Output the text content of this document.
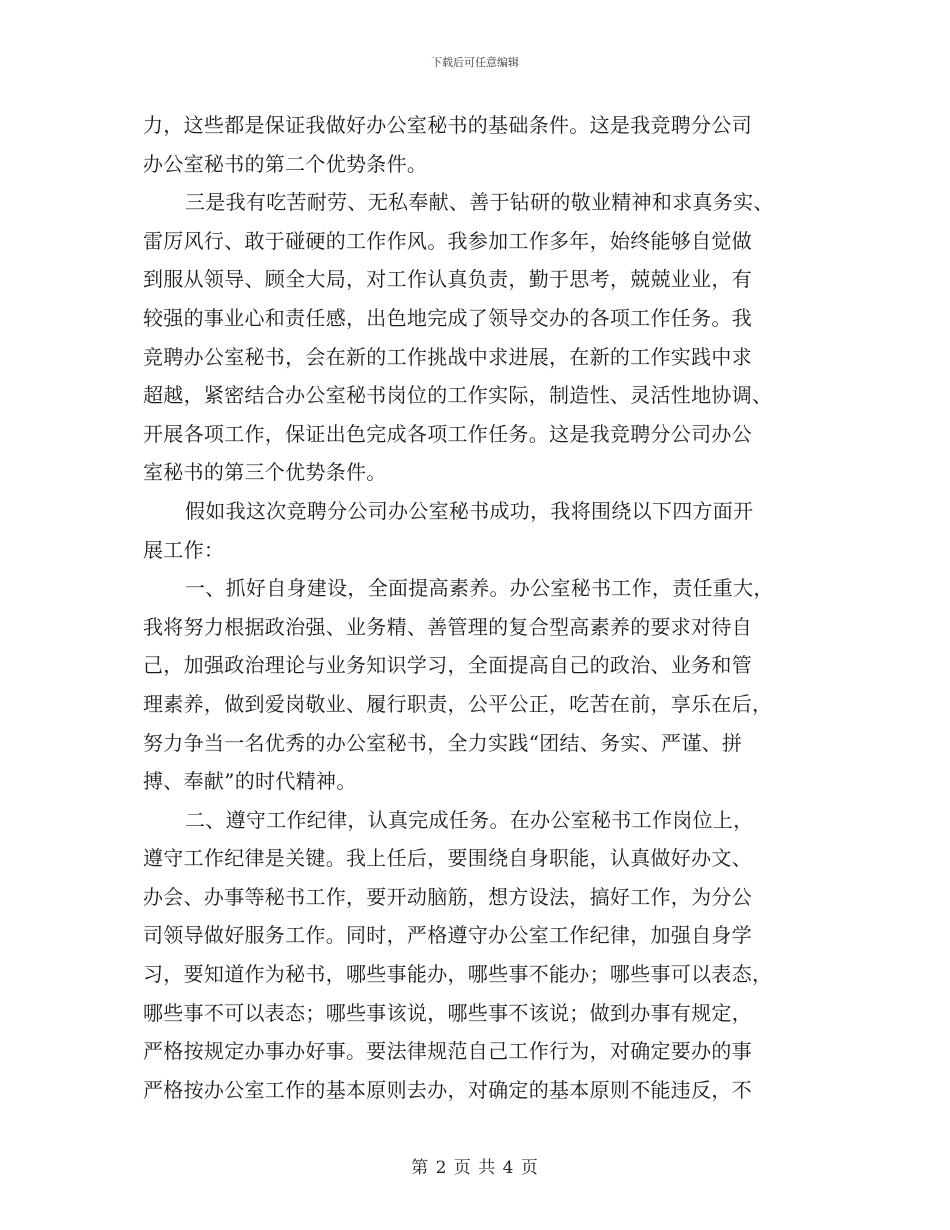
下载后可任意编辑
力，这些都是保证我做好办公室秘书的基础条件。这是我竞聘分公司
办公室秘书的第二个优势条件。
三是我有吃苦耐劳、无私奉献、善于钻研的敬业精神和求真务实、
雷厉风行、敢于碰硬的工作作风。我参加工作多年，始终能够自觉做
到服从领导、顾全大局，对工作认真负责，勤于思考，兢兢业业，有
较强的事业心和责任感，出色地完成了领导交办的各项工作任务。我
竞聘办公室秘书，会在新的工作挑战中求进展，在新的工作实践中求
超越，紧密结合办公室秘书岗位的工作实际，制造性、灵活性地协调、
开展各项工作，保证出色完成各项工作任务。这是我竞聘分公司办公
室秘书的第三个优势条件。
假如我这次竞聘分公司办公室秘书成功，我将围绕以下四方面开
展工作：
一、抓好自身建设，全面提高素养。办公室秘书工作，责任重大，
我将努力根据政治强、业务精、善管理的复合型高素养的要求对待自
己，加强政治理论与业务知识学习，全面提高自己的政治、业务和管
理素养，做到爱岗敬业、履行职责，公平公正，吃苦在前，享乐在后，
努力争当一名优秀的办公室秘书，全力实践“团结、务实、严谨、拼
搏、奉献”的时代精神。
二、遵守工作纪律，认真完成任务。在办公室秘书工作岗位上，
遵守工作纪律是关键。我上任后，要围绕自身职能，认真做好办文、
办会、办事等秘书工作，要开动脑筋，想方设法，搞好工作，为分公
司领导做好服务工作。同时，严格遵守办公室工作纪律，加强自身学
习，要知道作为秘书，哪些事能办，哪些事不能办；哪些事可以表态，
哪些事不可以表态；哪些事该说，哪些事不该说；做到办事有规定，
严格按规定办事办好事。要法律规范自己工作行为，对确定要办的事
严格按办公室工作的基本原则去办，对确定的基本原则不能违反，不
第 2 页 共 4 页
